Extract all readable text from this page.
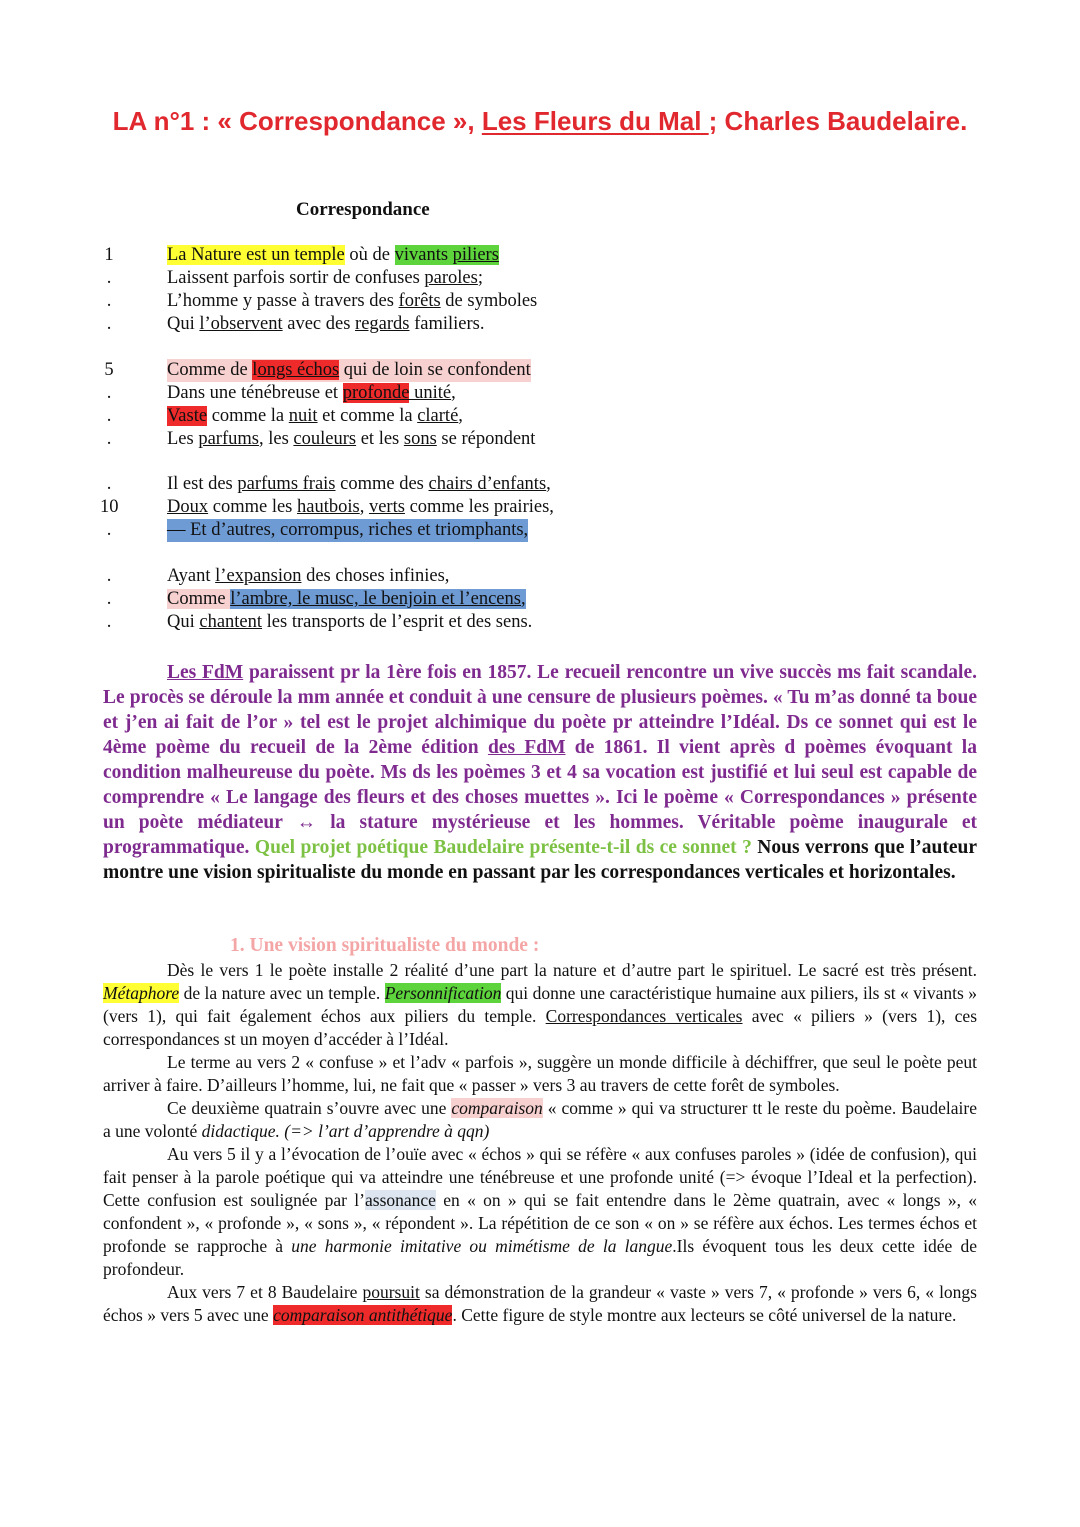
LA n°1 : « Correspondance », Les Fleurs du Mal ; Charles Baudelaire.
Correspondance
1	La Nature est un temple où de vivants piliers
.	Laissent parfois sortir de confuses paroles;
.	L’homme y passe à travers des forêts de symboles
.	Qui l’observent avec des regards familiers.
5	Comme de longs échos qui de loin se confondent
.	Dans une ténébreuse et profonde unité,
.	Vaste comme la nuit et comme la clarté,
.	Les parfums, les couleurs et les sons se répondent
.	Il est des parfums frais comme des chairs d’enfants,
10	Doux comme les hautbois, verts comme les prairies,
.	— Et d’autres, corrompus, riches et triomphants,
.	Ayant l’expansion des choses infinies,
.	Comme l’ambre, le musc, le benjoin et l’encens,
.	Qui chantent les transports de l’esprit et des sens.
Les FdM paraissent pr la 1ère fois en 1857. Le recueil rencontre un vive succès ms fait scandale. Le procès se déroule la mm année et conduit à une censure de plusieurs poèmes. « Tu m’as donné ta boue et j’en ai fait de l’or » tel est le projet alchimique du poète pr atteindre l’Idéal. Ds ce sonnet qui est le 4ème poème du recueil de la 2ème édition des FdM de 1861. Il vient après d poèmes évoquant la condition malheureuse du poète. Ms ds les poèmes 3 et 4 sa vocation est justifié et lui seul est capable de comprendre « Le langage des fleurs et des choses muettes ». Ici le poème « Correspondances » présente un poète médiateur ↔ la stature mystérieuse et les hommes. Véritable poème inaugurale et programmatique. Quel projet poétique Baudelaire présente-t-il ds ce sonnet ? Nous verrons que l’auteur montre une vision spiritualiste du monde en passant par les correspondances verticales et horizontales.
1. Une vision spiritualiste du monde :

Dès le vers 1 le poète installe 2 réalité d’une part la nature et d’autre part le spirituel. Le sacré est très présent. Métaphore de la nature avec un temple. Personnification qui donne une caractéristique humaine aux piliers, ils st « vivants » (vers 1), qui fait également échos aux piliers du temple. Correspondances verticales avec « piliers » (vers 1), ces correspondances st un moyen d’accéder à l’Idéal.

Le terme au vers 2 « confuse » et l’adv « parfois », suggère un monde difficile à déchiffrer, que seul le poète peut arriver à faire. D’ailleurs l’homme, lui, ne fait que « passer » vers 3 au travers de cette forêt de symboles.

Ce deuxième quatrain s’ouvre avec une comparaison « comme » qui va structurer tt le reste du poème. Baudelaire a une volonté didactique. (=> l’art d’apprendre à qqn)

Au vers 5 il y a l’évocation de l’ouïe avec « échos » qui se réfère « aux confuses paroles » (idée de confusion), qui fait penser à la parole poétique qui va atteindre une ténébreuse et une profonde unité (=> évoque l’Ideal et la perfection). Cette confusion est soulignée par l’assonance en « on » qui se fait entendre dans le 2ème quatrain, avec « longs », « confondent », « profonde », « sons », « répondent ». La répétition de ce son « on » se réfère aux échos. Les termes échos et profonde se rapproche à une harmonie imitative ou mimétisme de la langue.Ils évoquent tous les deux cette idée de profondeur.

Aux vers 7 et 8 Baudelaire poursuit sa démonstration de la grandeur « vaste » vers 7, « profonde » vers 6, « longs échos » vers 5 avec une comparaison antithétique. Cette figure de style montre aux lecteurs se côté universel de la nature.
